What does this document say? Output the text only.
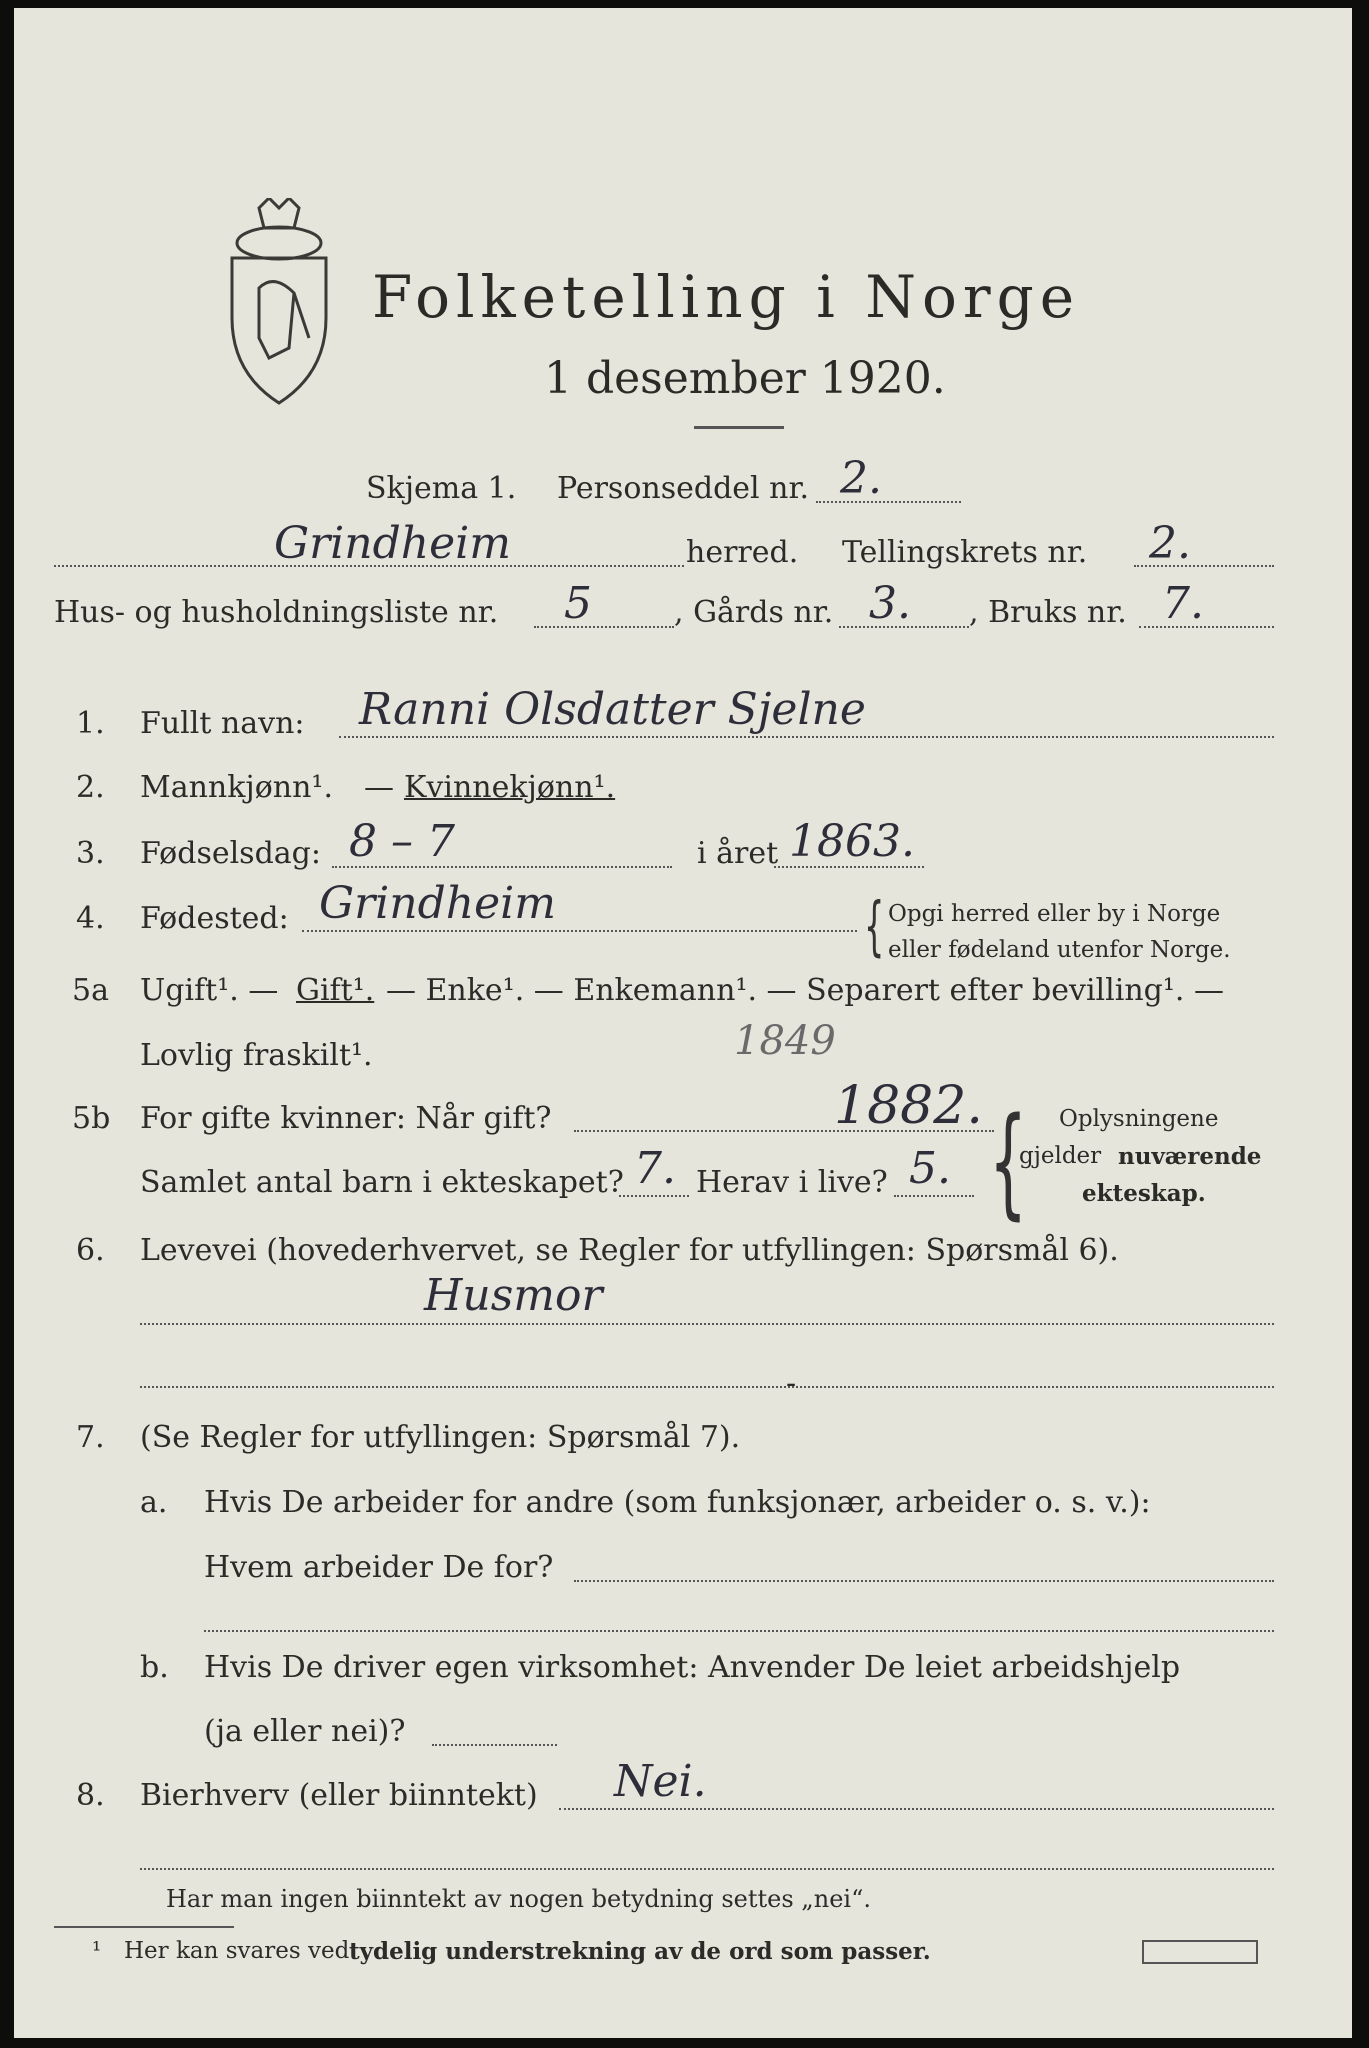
Folketelling i Norge
1 desember 1920.
Skjema 1. Personseddel nr. 2.
Grindheim	herred. Tellingskrets nr. 2.
Hus- og husholdningsliste nr. 5	, Gårds nr. 3. , Bruks nr. 7.
1. Fullt navn: Ranni Olsdatter Sjelne
2. Mannkjønn¹. — Kvinnekjønn¹.
3. Fødselsdag: 8 – 7	i året 1863.
4. Fødested: Grindheim	{ Opgi herred eller by i Norge
eller fødeland utenfor Norge.
5a Ugift¹. — Gift¹. — Enke¹. — Enkemann¹. — Separert efter bevilling¹. —
Lovlig fraskilt¹.	1849
5b For gifte kvinner: Når gift?	1882.
Samlet antal barn i ekteskapet? 7. Herav i live? 5. { Oplysningene
gjelder nuværende
ekteskap.
6. Levevei (hovederhvervet, se Regler for utfyllingen: Spørsmål 6).
Husmor
-
7. (Se Regler for utfyllingen: Spørsmål 7).
a. Hvis De arbeider for andre (som funksjonær, arbeider o. s. v.):
Hvem arbeider De for?
b. Hvis De driver egen virksomhet: Anvender De leiet arbeidshjelp
(ja eller nei)?
8. Bierhverv (eller biinntekt) Nei.
Har man ingen biinntekt av nogen betydning settes „nei“.
¹ Her kan svares ved tydelig understrekning av de ord som passer.
